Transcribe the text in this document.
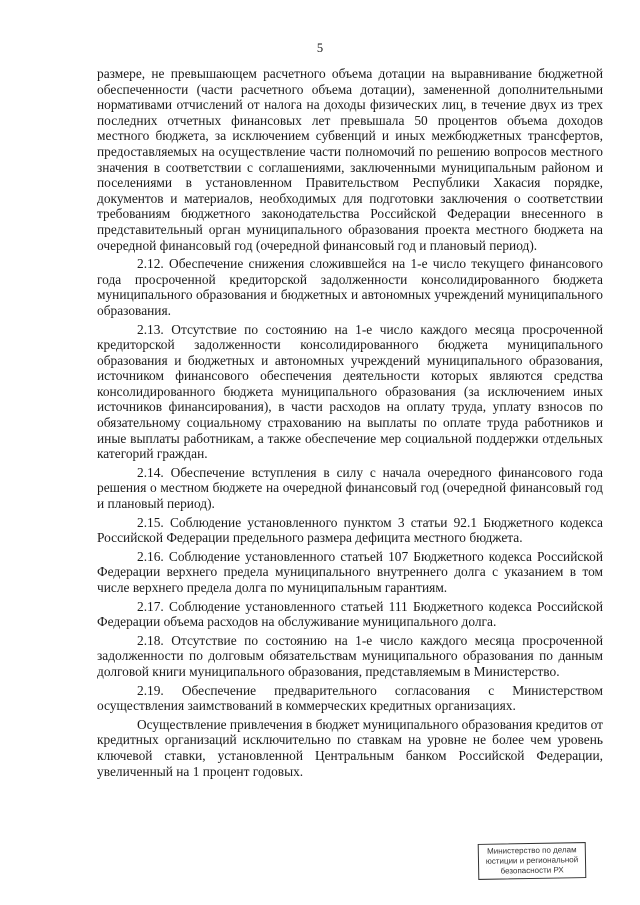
5

размере, не превышающем расчетного объема дотации на выравнивание бюджетной обеспеченности (части расчетного объема дотации), замененной дополнительными нормативами отчислений от налога на доходы физических лиц, в течение двух из трех последних отчетных финансовых лет превышала 50 процентов объема доходов местного бюджета, за исключением субвенций и иных межбюджетных трансфертов, предоставляемых на осуществление части полномочий по решению вопросов местного значения в соответствии с соглашениями, заключенными муниципальным районом и поселениями в установленном Правительством Республики Хакасия порядке, документов и материалов, необходимых для подготовки заключения о соответствии требованиям бюджетного законодательства Российской Федерации внесенного в представительный орган муниципального образования проекта местного бюджета на очередной финансовый год (очередной финансовый год и плановый период).

2.12. Обеспечение снижения сложившейся на 1-е число текущего финансового года просроченной кредиторской задолженности консолидированного бюджета муниципального образования и бюджетных и автономных учреждений муниципального образования.

2.13. Отсутствие по состоянию на 1-е число каждого месяца просроченной кредиторской задолженности консолидированного бюджета муниципального образования и бюджетных и автономных учреждений муниципального образования, источником финансового обеспечения деятельности которых являются средства консолидированного бюджета муниципального образования (за исключением иных источников финансирования), в части расходов на оплату труда, уплату взносов по обязательному социальному страхованию на выплаты по оплате труда работников и иные выплаты работникам, а также обеспечение мер социальной поддержки отдельных категорий граждан.

2.14. Обеспечение вступления в силу с начала очередного финансового года решения о местном бюджете на очередной финансовый год (очередной финансовый год и плановый период).

2.15. Соблюдение установленного пунктом 3 статьи 92.1 Бюджетного кодекса Российской Федерации предельного размера дефицита местного бюджета.

2.16. Соблюдение установленного статьей 107 Бюджетного кодекса Российской Федерации верхнего предела муниципального внутреннего долга с указанием в том числе верхнего предела долга по муниципальным гарантиям.

2.17. Соблюдение установленного статьей 111 Бюджетного кодекса Российской Федерации объема расходов на обслуживание муниципального долга.

2.18. Отсутствие по состоянию на 1-е число каждого месяца просроченной задолженности по долговым обязательствам муниципального образования по данным долговой книги муниципального образования, представляемым в Министерство.

2.19. Обеспечение предварительного согласования с Министерством осуществления заимствований в коммерческих кредитных организациях.

Осуществление привлечения в бюджет муниципального образования кредитов от кредитных организаций исключительно по ставкам на уровне не более чем уровень ключевой ставки, установленной Центральным банком Российской Федерации, увеличенный на 1 процент годовых.

Министерство по делам
юстиции и региональной
безопасности РХ
